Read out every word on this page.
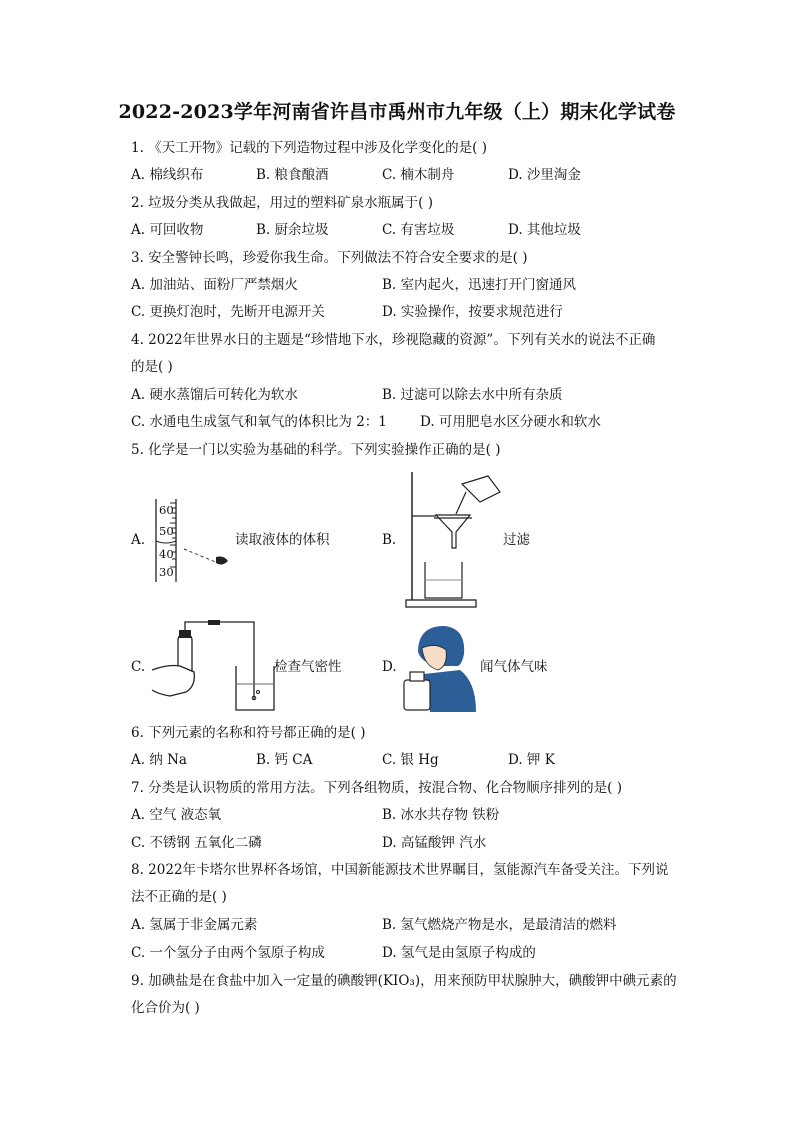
2022-2023学年河南省许昌市禹州市九年级（上）期末化学试卷
1. 《天工开物》记载的下列造物过程中涉及化学变化的是( )
A. 棉线织布	B. 粮食酿酒	C. 楠木制舟	D. 沙里淘金
2. 垃圾分类从我做起，用过的塑料矿泉水瓶属于( )
A. 可回收物	B. 厨余垃圾	C. 有害垃圾	D. 其他垃圾
3. 安全警钟长鸣，珍爱你我生命。下列做法不符合安全要求的是( )
A. 加油站、面粉厂严禁烟火	B. 室内起火，迅速打开门窗通风
C. 更换灯泡时，先断开电源开关	D. 实验操作，按要求规范进行
4. 2022年世界水日的主题是“珍惜地下水，珍视隐藏的资源”。下列有关水的说法不正确
的是( )
A. 硬水蒸馏后可转化为软水	B. 过滤可以除去水中所有杂质
C. 水通电生成氢气和氧气的体积比为 2：1 D. 可用肥皂水区分硬水和软水
5. 化学是一门以实验为基础的科学。下列实验操作正确的是( )
A.
60
50
40
30
读取液体的体积	B.	过滤
C.	检查气密性	D.	闻气体气味
6. 下列元素的名称和符号都正确的是( )
A. 纳 Na	B. 钙 CA	C. 银 Hg	D. 钾 K
7. 分类是认识物质的常用方法。下列各组物质，按混合物、化合物顺序排列的是( )
A. 空气 液态氧	B. 冰水共存物 铁粉
C. 不锈钢 五氧化二磷	D. 高锰酸钾 汽水
8. 2022年卡塔尔世界杯各场馆，中国新能源技术世界瞩目，氢能源汽车备受关注。下列说
法不正确的是( )
A. 氢属于非金属元素	B. 氢气燃烧产物是水，是最清洁的燃料
C. 一个氢分子由两个氢原子构成	D. 氢气是由氢原子构成的
9. 加碘盐是在食盐中加入一定量的碘酸钾(KIO₃)，用来预防甲状腺肿大，碘酸钾中碘元素的
化合价为( )
